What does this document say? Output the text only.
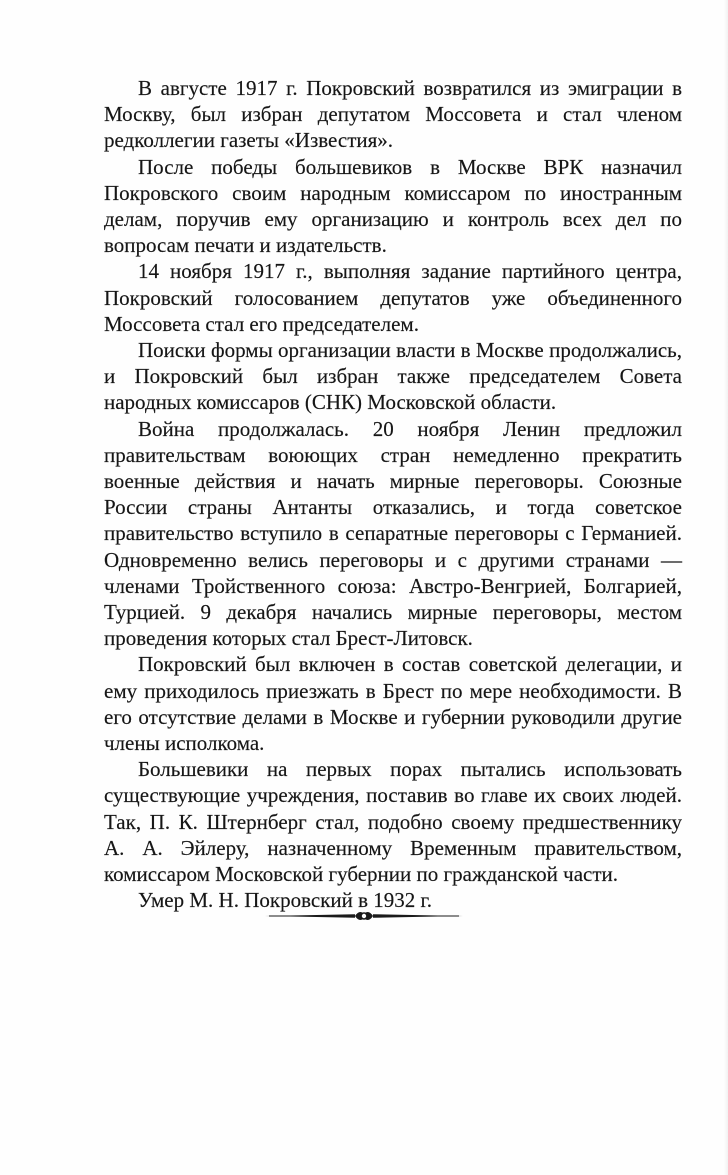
В августе 1917 г. Покровский возвратился из эмиграции в Москву, был избран депутатом Моссовета и стал членом редколлегии газеты «Известия».

После победы большевиков в Москве ВРК назначил Покровского своим народным комиссаром по иностранным делам, поручив ему организацию и контроль всех дел по вопросам печати и издательств.

14 ноября 1917 г., выполняя задание партийного центра, Покровский голосованием депутатов уже объединенного Моссовета стал его председателем.

Поиски формы организации власти в Москве продолжались, и Покровский был избран также председателем Совета народных комиссаров (СНК) Московской области.

Война продолжалась. 20 ноября Ленин предложил правительствам воюющих стран немедленно прекратить военные действия и начать мирные переговоры. Союзные России страны Антанты отказались, и тогда советское правительство вступило в сепаратные переговоры с Германией. Одновременно велись переговоры и с другими странами — членами Тройственного союза: Австро-Венгрией, Болгарией, Турцией. 9 декабря начались мирные переговоры, местом проведения которых стал Брест-Литовск.

Покровский был включен в состав советской делегации, и ему приходилось приезжать в Брест по мере необходимости. В его отсутствие делами в Москве и губернии руководили другие члены исполкома.

Большевики на первых порах пытались использовать существующие учреждения, поставив во главе их своих людей. Так, П. К. Штернберг стал, подобно своему предшественнику А. А. Эйлеру, назначенному Временным правительством, комиссаром Московской губернии по гражданской части.

Умер М. Н. Покровский в 1932 г.
